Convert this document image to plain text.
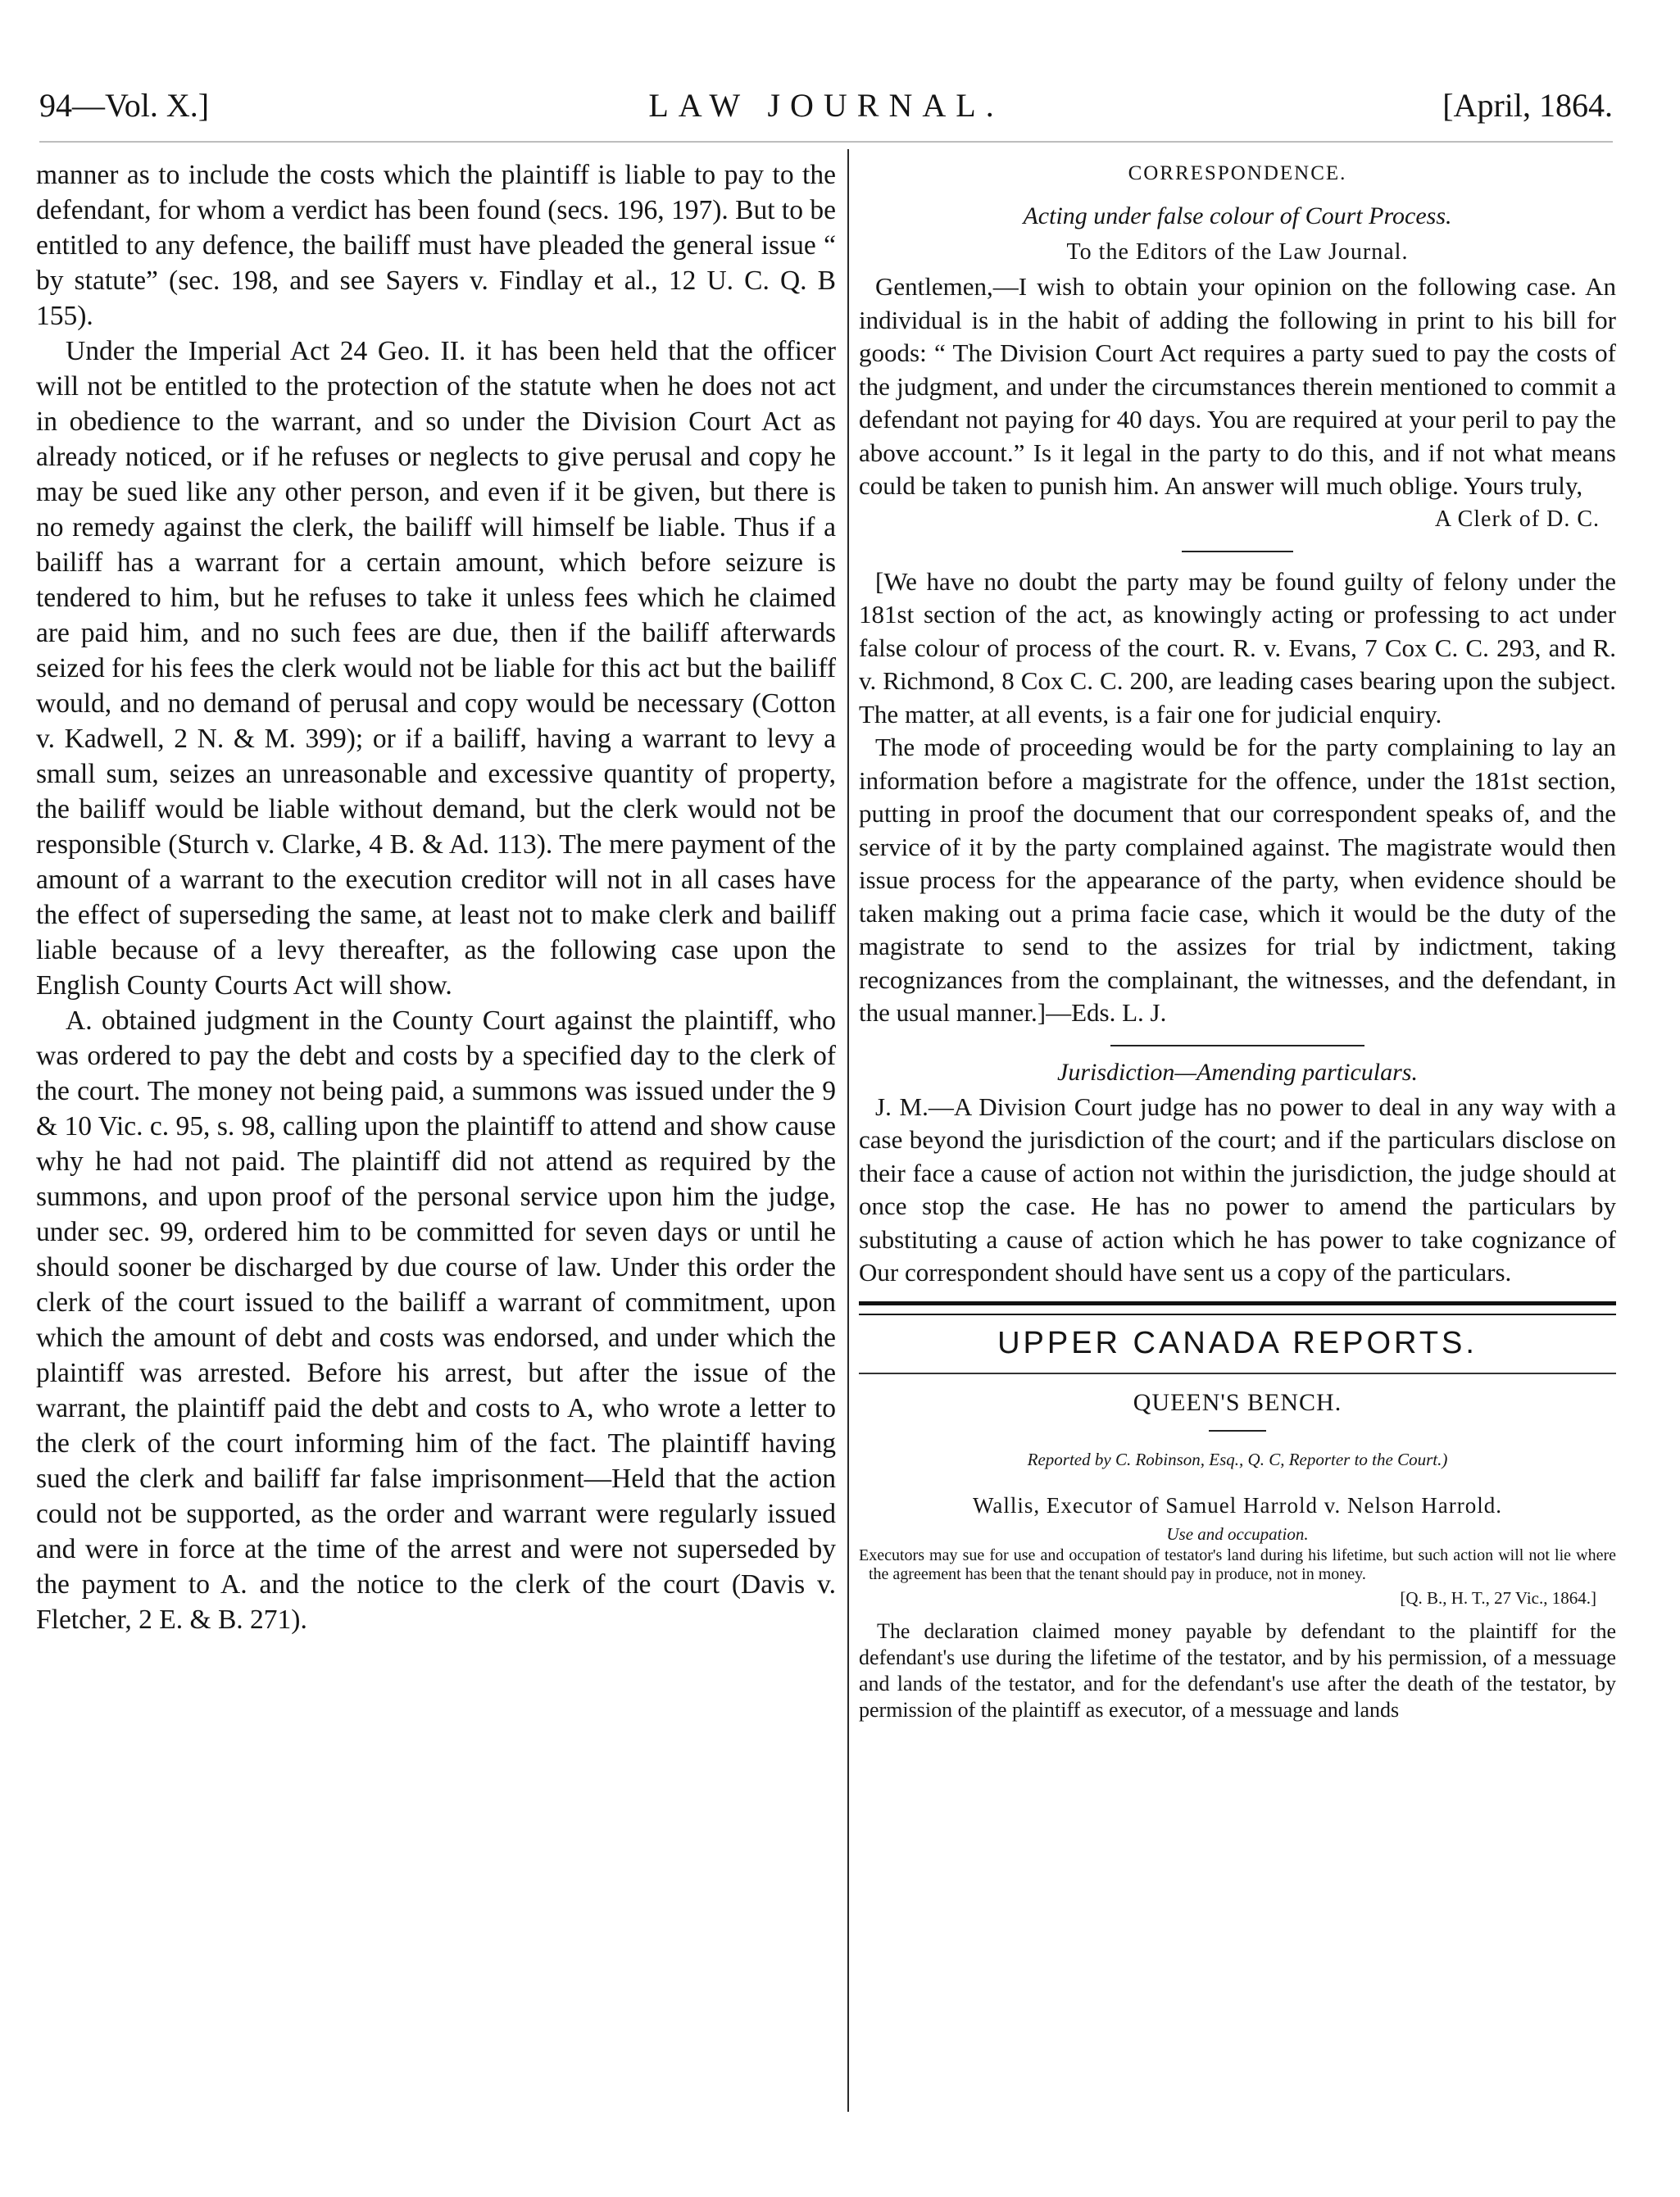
94—Vol. X.]	LAW JOURNAL.	[April, 1864.

manner as to include the costs which the plaintiff is liable to pay to the defendant, for whom a verdict has been found (secs. 196, 197). But to be entitled to any defence, the bailiff must have pleaded the general issue “ by statute” (sec. 198, and see Sayers v. Findlay et al., 12 U. C. Q. B 155).

Under the Imperial Act 24 Geo. II. it has been held that the officer will not be entitled to the protection of the statute when he does not act in obedience to the warrant, and so under the Division Court Act as already noticed, or if he refuses or neglects to give perusal and copy he may be sued like any other person, and even if it be given, but there is no remedy against the clerk, the bailiff will himself be liable. Thus if a bailiff has a warrant for a certain amount, which before seizure is tendered to him, but he refuses to take it unless fees which he claimed are paid him, and no such fees are due, then if the bailiff afterwards seized for his fees the clerk would not be liable for this act but the bailiff would, and no demand of perusal and copy would be necessary (Cotton v. Kadwell, 2 N. & M. 399); or if a bailiff, having a warrant to levy a small sum, seizes an unreasonable and excessive quantity of property, the bailiff would be liable without demand, but the clerk would not be responsible (Sturch v. Clarke, 4 B. & Ad. 113). The mere payment of the amount of a warrant to the execution creditor will not in all cases have the effect of superseding the same, at least not to make clerk and bailiff liable because of a levy thereafter, as the following case upon the English County Courts Act will show.

A. obtained judgment in the County Court against the plaintiff, who was ordered to pay the debt and costs by a specified day to the clerk of the court. The money not being paid, a summons was issued under the 9 & 10 Vic. c. 95, s. 98, calling upon the plaintiff to attend and show cause why he had not paid. The plaintiff did not attend as required by the summons, and upon proof of the personal service upon him the judge, under sec. 99, ordered him to be committed for seven days or until he should sooner be discharged by due course of law. Under this order the clerk of the court issued to the bailiff a warrant of commitment, upon which the amount of debt and costs was endorsed, and under which the plaintiff was arrested. Before his arrest, but after the issue of the warrant, the plaintiff paid the debt and costs to A, who wrote a letter to the clerk of the court informing him of the fact. The plaintiff having sued the clerk and bailiff far false imprisonment—Held that the action could not be supported, as the order and warrant were regularly issued and were in force at the time of the arrest and were not superseded by the payment to A. and the notice to the clerk of the court (Davis v. Fletcher, 2 E. & B. 271).

CORRESPONDENCE.

Acting under false colour of Court Process.

To the Editors of the Law Journal.

Gentlemen,—I wish to obtain your opinion on the following case. An individual is in the habit of adding the following in print to his bill for goods: “ The Division Court Act requires a party sued to pay the costs of the judgment, and under the circumstances therein mentioned to commit a defendant not paying for 40 days. You are required at your peril to pay the above account.” Is it legal in the party to do this, and if not what means could be taken to punish him. An answer will much oblige. Yours truly,

A Clerk of D. C.

[We have no doubt the party may be found guilty of felony under the 181st section of the act, as knowingly acting or professing to act under false colour of process of the court. R. v. Evans, 7 Cox C. C. 293, and R. v. Richmond, 8 Cox C. C. 200, are leading cases bearing upon the subject. The matter, at all events, is a fair one for judicial enquiry.

The mode of proceeding would be for the party complaining to lay an information before a magistrate for the offence, under the 181st section, putting in proof the document that our correspondent speaks of, and the service of it by the party complained against. The magistrate would then issue process for the appearance of the party, when evidence should be taken making out a prima facie case, which it would be the duty of the magistrate to send to the assizes for trial by indictment, taking recognizances from the complainant, the witnesses, and the defendant, in the usual manner.]—Eds. L. J.

Jurisdiction—Amending particulars.

J. M.—A Division Court judge has no power to deal in any way with a case beyond the jurisdiction of the court; and if the particulars disclose on their face a cause of action not within the jurisdiction, the judge should at once stop the case. He has no power to amend the particulars by substituting a cause of action which he has power to take cognizance of Our correspondent should have sent us a copy of the particulars.

UPPER CANADA REPORTS.

QUEEN'S BENCH.

Reported by C. Robinson, Esq., Q. C, Reporter to the Court.)

Wallis, Executor of Samuel Harrold v. Nelson Harrold.

Use and occupation.

Executors may sue for use and occupation of testator's land during his lifetime, but such action will not lie where the agreement has been that the tenant should pay in produce, not in money.

[Q. B., H. T., 27 Vic., 1864.]

The declaration claimed money payable by defendant to the plaintiff for the defendant's use during the lifetime of the testator, and by his permission, of a messuage and lands of the testator, and for the defendant's use after the death of the testator, by permission of the plaintiff as executor, of a messuage and lands
